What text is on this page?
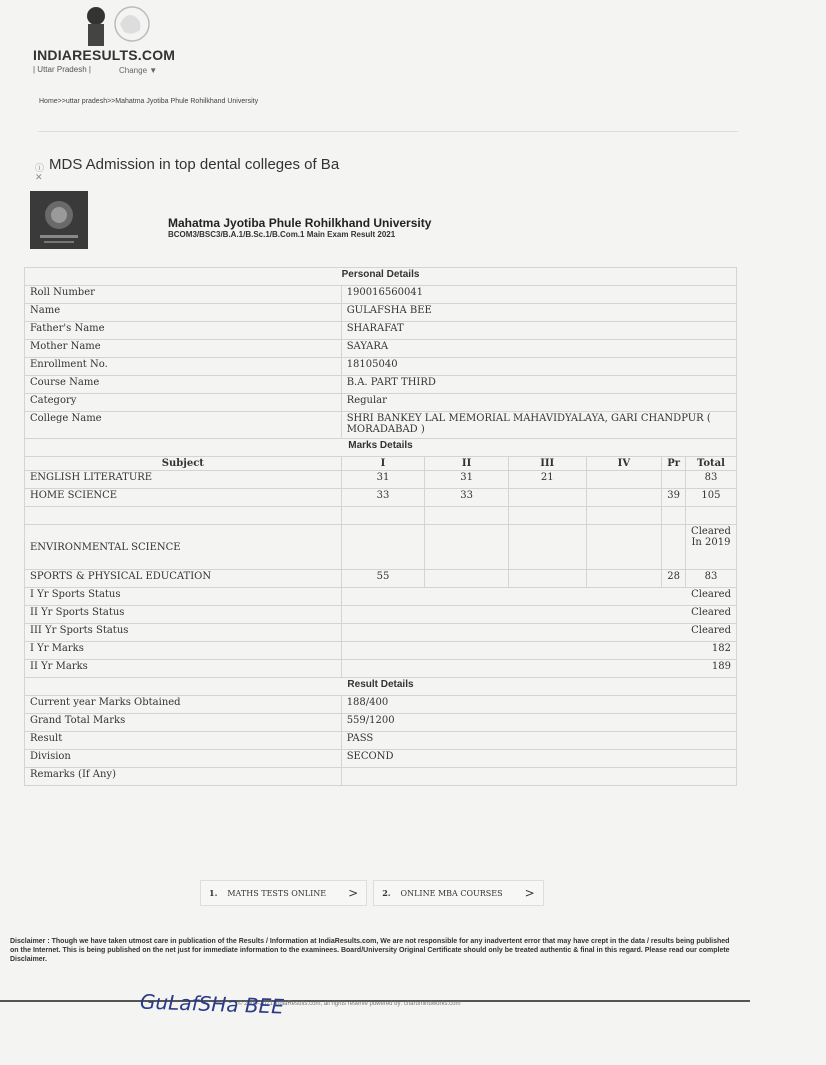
INDIARESULTS.COM
| Uttar Pradesh |	Change ▼
Home>>uttar pradesh>>Mahatma Jyotiba Phule Rohilkhand University
ⓘ
✕
MDS Admission in top dental colleges of Ba
Mahatma Jyotiba Phule Rohilkhand University
BCOM3/BSC3/B.A.1/B.Sc.1/B.Com.1 Main Exam Result 2021
Personal Details						
Roll Number	190016560041					
Name	GULAFSHA BEE					
Father's Name	SHARAFAT					
Mother Name	SAYARA					
Enrollment No.	18105040					
Course Name	B.A. PART THIRD					
Category	Regular					
College Name	SHRI BANKEY LAL MEMORIAL MAHAVIDYALAYA, GARI CHANDPUR ( MORADABAD )					
Marks Details						
Subject	I	II	III	IV	Pr	Total
ENGLISH LITERATURE	31	31	21			83
HOME SCIENCE	33	33			39	105

ENVIRONMENTAL SCIENCE						Cleared In 2019
SPORTS & PHYSICAL EDUCATION	55				28	83
I Yr Sports Status	Cleared					
II Yr Sports Status	Cleared					
III Yr Sports Status	Cleared					
I Yr Marks	182					
II Yr Marks	189					
Result Details						
Current year Marks Obtained	188/400					
Grand Total Marks	559/1200					
Result	PASS					
Division	SECOND					
Remarks (If Any)						
1. MATHS TESTS ONLINE >	2. ONLINE MBA COURSES >
Disclaimer : Though we have taken utmost care in publication of the Results / Information at IndiaResults.com, We are not responsible for any inadvertent error that may have crept in the data / results being published on the Internet. This is being published on the net just for immediate information to the examinees. Board/University Original Certificate should only be treated authentic & final in this regard. Please read our complete Disclaimer.
© 2009-2021 IndiaResults.com, all rights reserve powered by: charumindworks.com
GuLafSHa BEE
